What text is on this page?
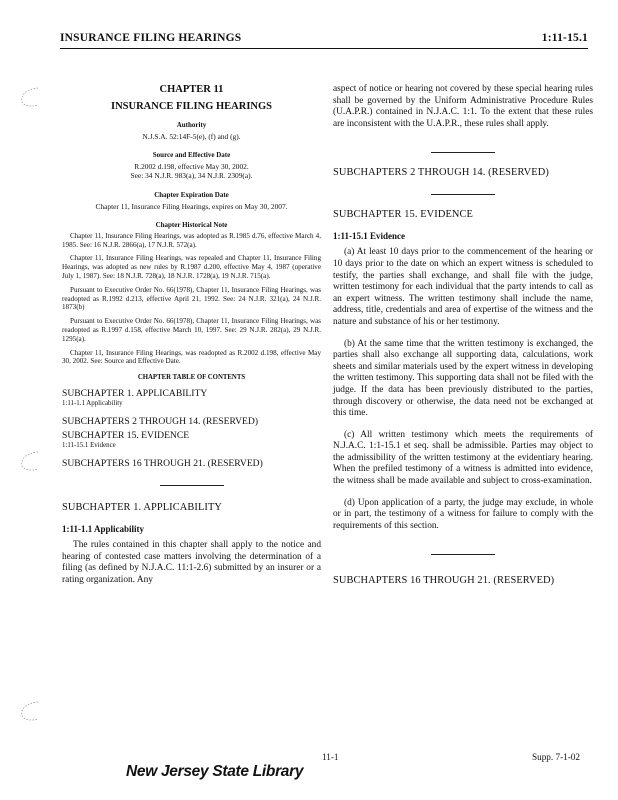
INSURANCE FILING HEARINGS	1:11-15.1

CHAPTER 11

INSURANCE FILING HEARINGS

Authority

N.J.S.A. 52:14F-5(e), (f) and (g).

Source and Effective Date

R.2002 d.198, effective May 30, 2002.

See: 34 N.J.R. 983(a), 34 N.J.R. 2309(a).

Chapter Expiration Date

Chapter 11, Insurance Filing Hearings, expires on May 30, 2007.

Chapter Historical Note

Chapter 11, Insurance Filing Hearings, was adopted as R.1985 d.76, effective March 4, 1985. See: 16 N.J.R. 2866(a), 17 N.J.R. 572(a).

Chapter 11, Insurance Filing Hearings, was repealed and Chapter 11, Insurance Filing Hearings, was adopted as new rules by R.1987 d.200, effective May 4, 1987 (operative July 1, 1987). See: 18 N.J.R. 728(a), 18 N.J.R. 1728(a), 19 N.J.R. 715(a).

Pursuant to Executive Order No. 66(1978), Chapter 11, Insurance Filing Hearings, was readopted as R.1992 d.213, effective April 21, 1992. See: 24 N.J.R. 321(a), 24 N.J.R. 1873(b)

Pursuant to Executive Order No. 66(1978), Chapter 11, Insurance Filing Hearings, was readopted as R.1997 d.158, effective March 10, 1997. See: 29 N.J.R. 282(a), 29 N.J.R. 1295(a).

Chapter 11, Insurance Filing Hearings, was readopted as R.2002 d.198, effective May 30, 2002. See: Source and Effective Date.

CHAPTER TABLE OF CONTENTS

SUBCHAPTER 1. APPLICABILITY

1:11-1.1 Applicability

SUBCHAPTERS 2 THROUGH 14. (RESERVED)

SUBCHAPTER 15. EVIDENCE

1:11-15.1 Evidence

SUBCHAPTERS 16 THROUGH 21. (RESERVED)

SUBCHAPTER 1. APPLICABILITY

1:11-1.1 Applicability

The rules contained in this chapter shall apply to the notice and hearing of contested case matters involving the determination of a filing (as defined by N.J.A.C. 11:1-2.6) submitted by an insurer or a rating organization. Any

aspect of notice or hearing not covered by these special hearing rules shall be governed by the Uniform Administrative Procedure Rules (U.A.P.R.) contained in N.J.A.C. 1:1. To the extent that these rules are inconsistent with the U.A.P.R., these rules shall apply.

SUBCHAPTERS 2 THROUGH 14. (RESERVED)

SUBCHAPTER 15. EVIDENCE

1:11-15.1 Evidence

(a) At least 10 days prior to the commencement of the hearing or 10 days prior to the date on which an expert witness is scheduled to testify, the parties shall exchange, and shall file with the judge, written testimony for each individual that the party intends to call as an expert witness. The written testimony shall include the name, address, title, credentials and area of expertise of the witness and the nature and substance of his or her testimony.

(b) At the same time that the written testimony is exchanged, the parties shall also exchange all supporting data, calculations, work sheets and similar materials used by the expert witness in developing the written testimony. This supporting data shall not be filed with the judge. If the data has been previously distributed to the parties, through discovery or otherwise, the data need not be exchanged at this time.

(c) All written testimony which meets the requirements of N.J.A.C. 1:1-15.1 et seq. shall be admissible. Parties may object to the admissibility of the written testimony at the evidentiary hearing. When the prefiled testimony of a witness is admitted into evidence, the witness shall be made available and subject to cross-examination.

(d) Upon application of a party, the judge may exclude, in whole or in part, the testimony of a witness for failure to comply with the requirements of this section.

SUBCHAPTERS 16 THROUGH 21. (RESERVED)

11-1	Supp. 7-1-02
New Jersey State Library
